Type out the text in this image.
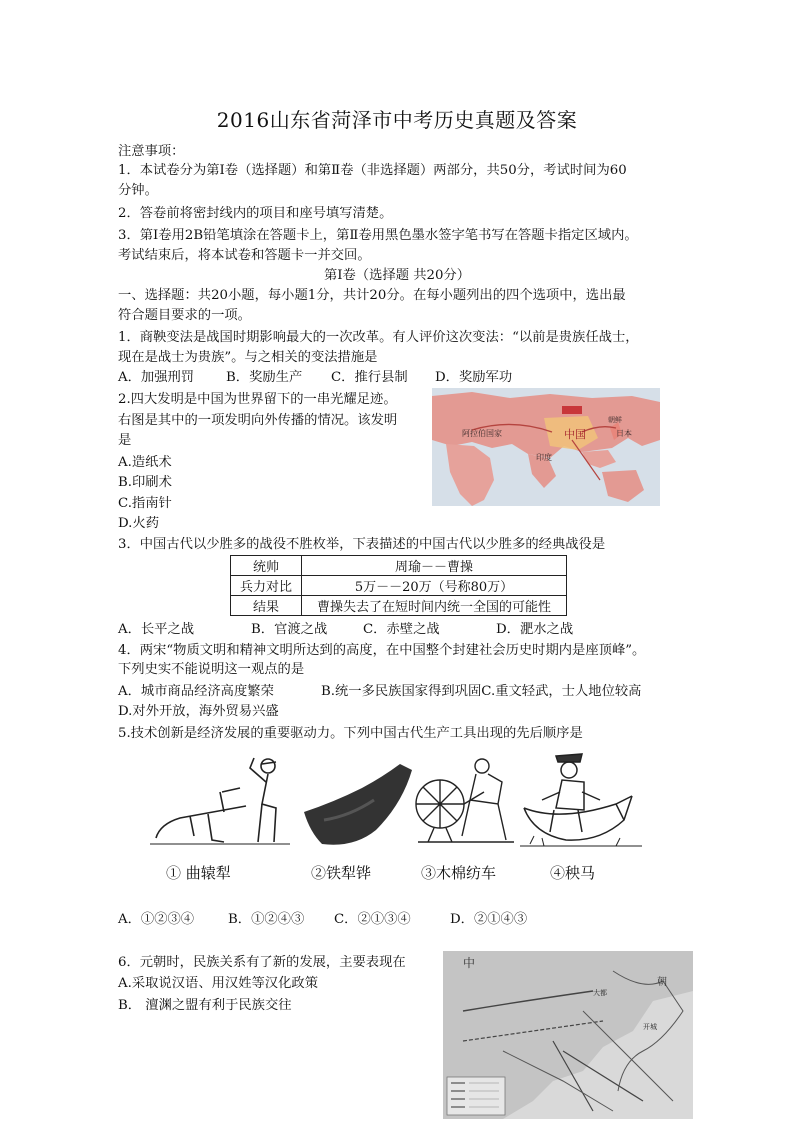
2016山东省菏泽市中考历史真题及答案
注意事项：
1．本试卷分为第Ⅰ卷（选择题）和第Ⅱ卷（非选择题）两部分，共50分，考试时间为60
分钟。
2．答卷前将密封线内的项目和座号填写清楚。
3．第Ⅰ卷用2B铅笔填涂在答题卡上，第Ⅱ卷用黑色墨水签字笔书写在答题卡指定区域内。
考试结束后，将本试卷和答题卡一并交回。
第Ⅰ卷（选择题 共20分）
一、选择题：共20小题，每小题1分，共计20分。在每小题列出的四个选项中，选出最
符合题目要求的一项。
1．商鞅变法是战国时期影响最大的一次改革。有人评价这次变法：“以前是贵族任战士，
现在是战士为贵族”。与之相关的变法措施是
A．加强刑罚 B．奖励生产 C．推行县制 D．奖励军功
2.四大发明是中国为世界留下的一串光耀足迹。
右图是其中的一项发明向外传播的情况。该发明
是
A.造纸术
B.印刷术
C.指南针
D.火药
阿拉伯国家	中国	日本
印度
朝鲜
3．中国古代以少胜多的战役不胜枚举，下表描述的中国古代以少胜多的经典战役是
统帅	周瑜－－曹操
兵力对比	5万－－20万（号称80万）
结果	曹操失去了在短时间内统一全国的可能性
A．长平之战	B．官渡之战	C．赤壁之战	D．淝水之战
4．两宋“物质文明和精神文明所达到的高度，在中国整个封建社会历史时期内是座顶峰”。
下列史实不能说明这一观点的是
A．城市商品经济高度繁荣	B.统一多民族国家得到巩固C.重文轻武，士人地位较高
D.对外开放，海外贸易兴盛
5.技术创新是经济发展的重要驱动力。下列中国古代生产工具出现的先后顺序是
① 曲辕犁	②铁犁铧	③木棉纺车	④秧马
A．①②③④	B．①②④③ C．②①③④	D．②①④③
6．元朝时，民族关系有了新的发展，主要表现在
A.采取说汉语、用汉姓等汉化政策
B． 澶渊之盟有利于民族交往
中
朝
大都
开城
